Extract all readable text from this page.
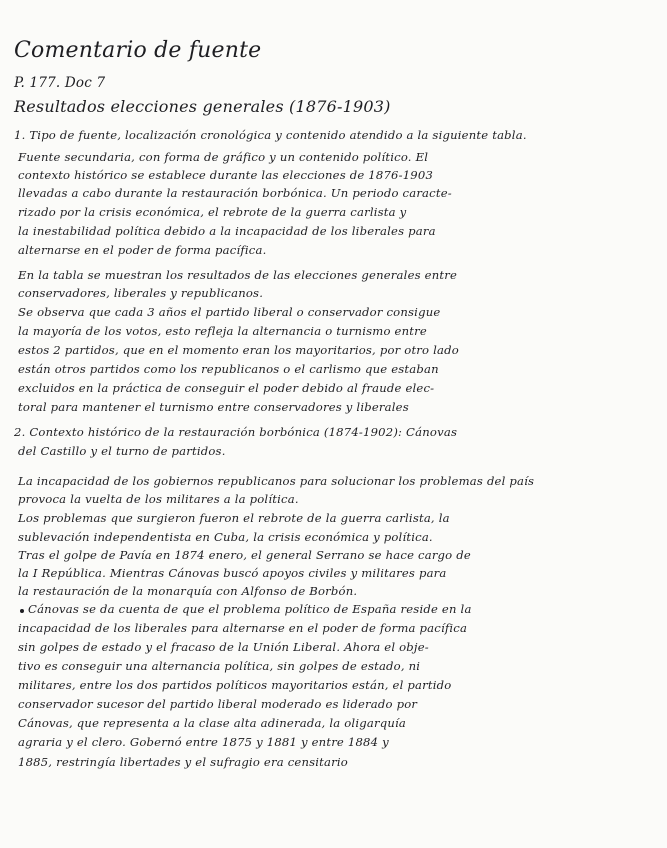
Comentario de fuente
P. 177. Doc 7
Resultados elecciones generales (1876-1903)
1. Tipo de fuente, localización cronológica y contenido atendido a la siguiente tabla.
Fuente secundaria, con forma de gráfico y un contenido político. El
contexto histórico se establece durante las elecciones de 1876-1903
llevadas a cabo durante la restauración borbónica. Un periodo caracte-
rizado por la crisis económica, el rebrote de la guerra carlista y
la inestabilidad política debido a la incapacidad de los liberales para
alternarse en el poder de forma pacífica.
En la tabla se muestran los resultados de las elecciones generales entre
conservadores, liberales y republicanos.
Se observa que cada 3 años el partido liberal o conservador consigue
la mayoría de los votos, esto refleja la alternancia o turnismo entre
estos 2 partidos, que en el momento eran los mayoritarios, por otro lado
están otros partidos como los republicanos o el carlismo que estaban
excluidos en la práctica de conseguir el poder debido al fraude elec-
toral para mantener el turnismo entre conservadores y liberales
2. Contexto histórico de la restauración borbónica (1874-1902): Cánovas
del Castillo y el turno de partidos.
La incapacidad de los gobiernos republicanos para solucionar los problemas del país
provoca la vuelta de los militares a la política.
Los problemas que surgieron fueron el rebrote de la guerra carlista, la
sublevación independentista en Cuba, la crisis económica y política.
Tras el golpe de Pavía en 1874 enero, el general Serrano se hace cargo de
la I República. Mientras Cánovas buscó apoyos civiles y militares para
la restauración de la monarquía con Alfonso de Borbón.
Cánovas se da cuenta de que el problema político de España reside en la
incapacidad de los liberales para alternarse en el poder de forma pacífica
sin golpes de estado y el fracaso de la Unión Liberal. Ahora el obje-
tivo es conseguir una alternancia política, sin golpes de estado, ni
militares, entre los dos partidos políticos mayoritarios están, el partido
conservador sucesor del partido liberal moderado es liderado por
Cánovas, que representa a la clase alta adinerada, la oligarquía
agraria y el clero. Gobernó entre 1875 y 1881 y entre 1884 y
1885, restringía libertades y el sufragio era censitario
